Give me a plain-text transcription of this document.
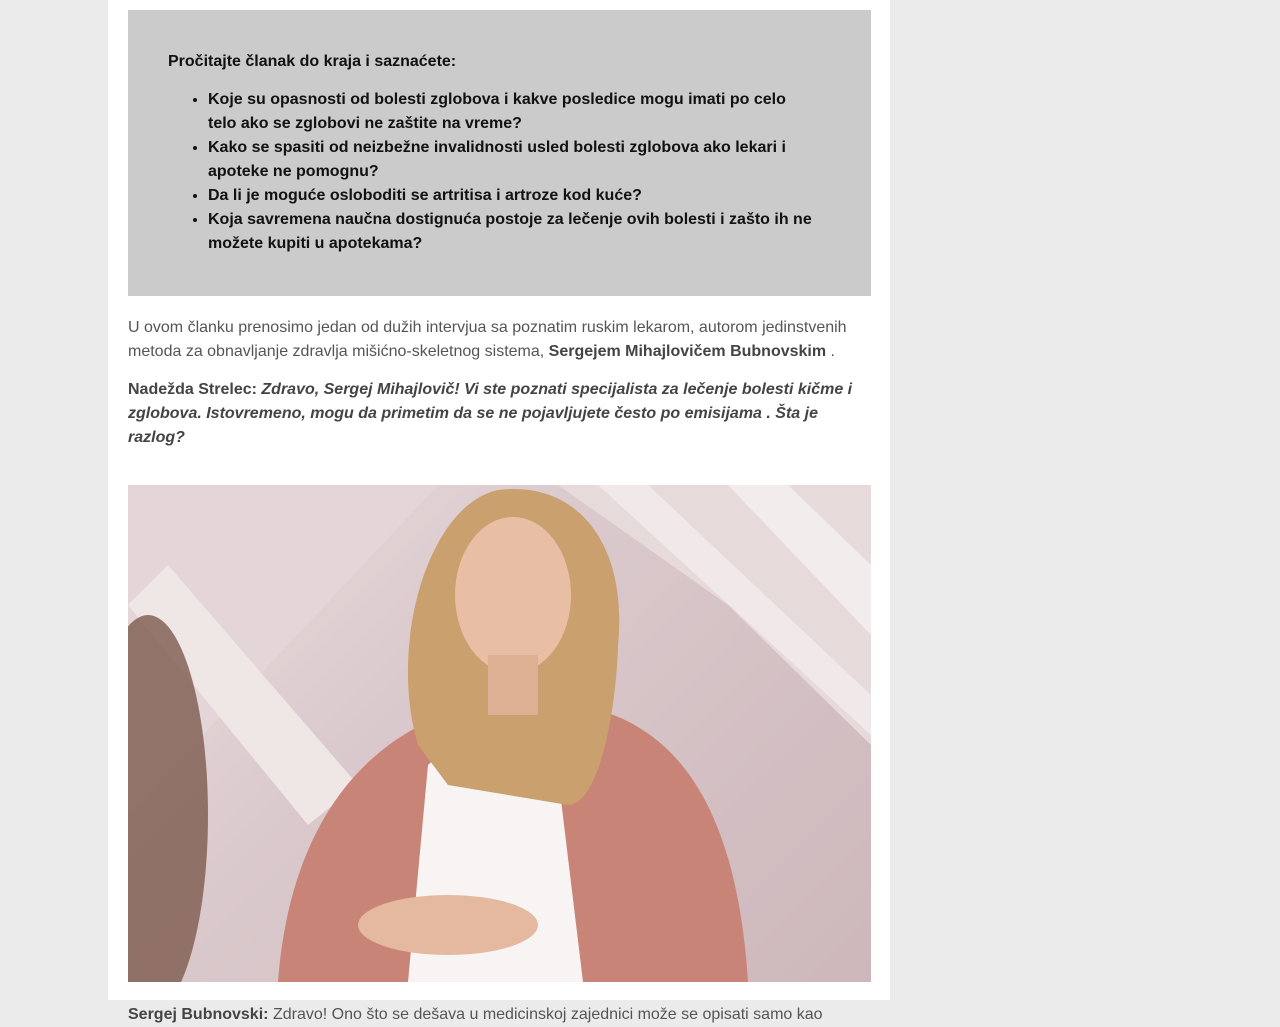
Pročitajte članak do kraja i saznaćete:

• Koje su opasnosti od bolesti zglobova i kakve posledice mogu imati po celo telo ako se zglobovi ne zaštite na vreme?
• Kako se spasiti od neizbežne invalidnosti usled bolesti zglobova ako lekari i apoteke ne pomognu?
• Da li je moguće osloboditi se artritisa i artroze kod kuće?
• Koja savremena naučna dostignuća postoje za lečenje ovih bolesti i zašto ih ne možete kupiti u apotekama?

U ovom članku prenosimo jedan od dužih intervjua sa poznatim ruskim lekarom, autorom jedinstvenih metoda za obnavljanje zdravlja mišićno-skeletnog sistema, Sergejem Mihajlovičem Bubnovskim .

Nadežda Strelec: Zdravo, Sergej Mihajlovič! Vi ste poznati specijalista za lečenje bolesti kičme i zglobova. Istovremeno, mogu da primetim da se ne pojavljujete često po emisijama . Šta je razlog?

Sergej Bubnovski: Zdravo! Ono što se dešava u medicinskoj zajednici može se opisati samo kao
